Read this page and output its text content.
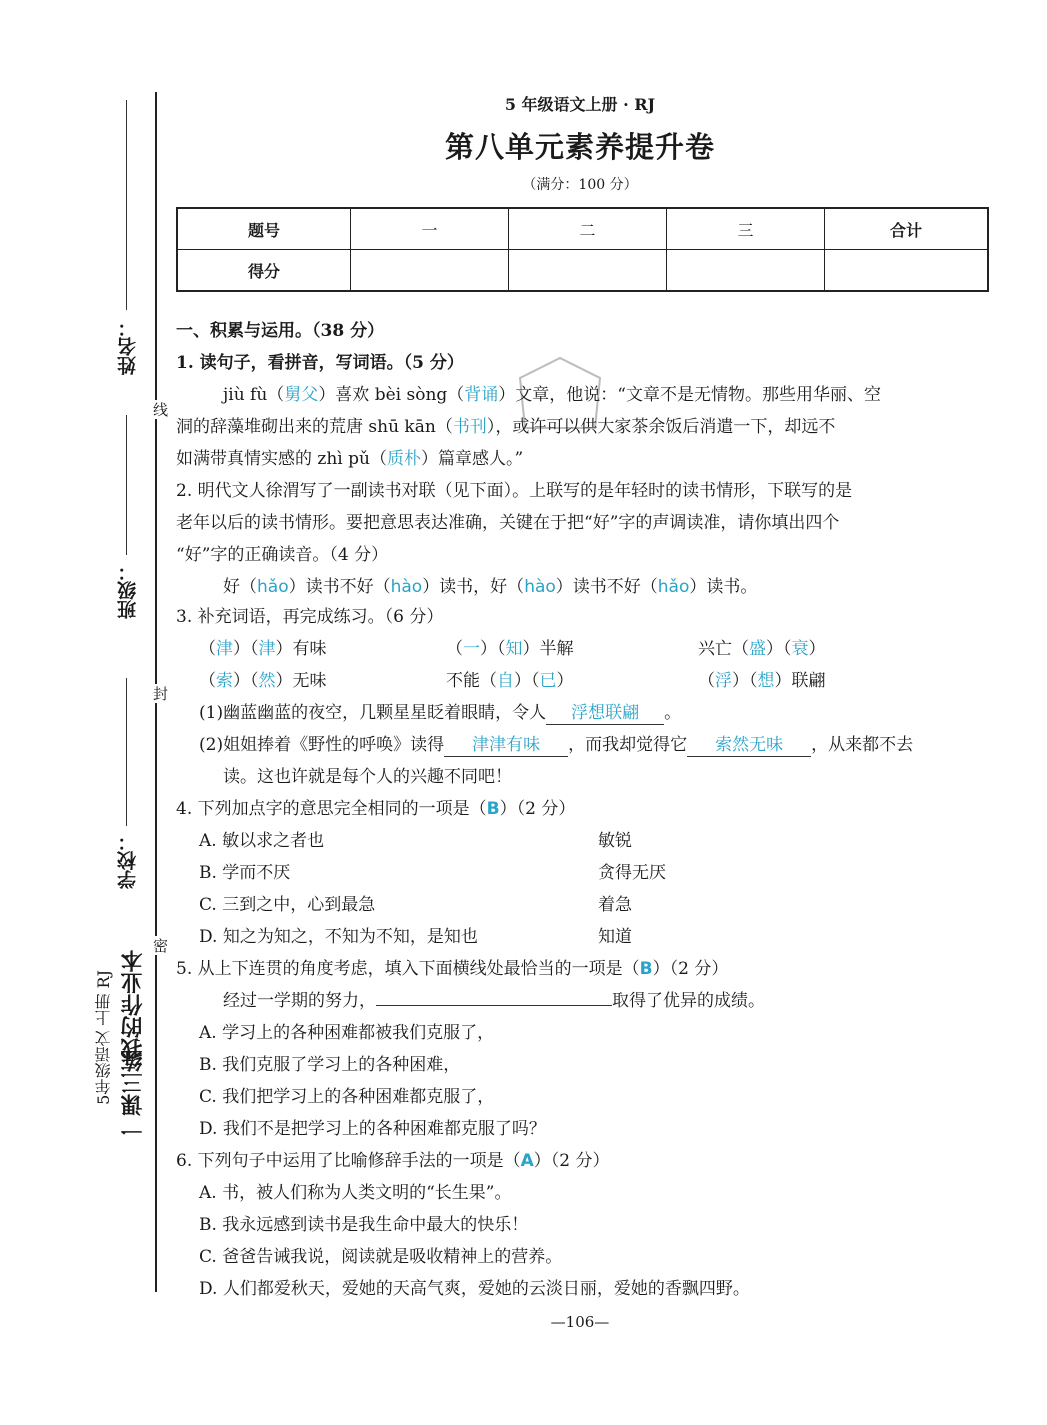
姓名：
线
班级：
封
学校：
密
我的作业本
课三练
一
5年级语文 上册 RJ
5 年级语文上册 · RJ
第八单元素养提升卷
（满分：100 分）
题号	一	二	三	合计
得分				
一、积累与运用。（38 分）
1. 读句子，看拼音，写词语。（5 分）
jiù fù（舅父）喜欢 bèi sòng（背诵）文章，他说：“文章不是无情物。那些用华丽、空
洞的辞藻堆砌出来的荒唐 shū kān（书刊），或许可以供大家茶余饭后消遣一下，却远不
如满带真情实感的 zhì pǔ（质朴）篇章感人。”
2. 明代文人徐渭写了一副读书对联（见下面）。上联写的是年轻时的读书情形，下联写的是
老年以后的读书情形。要把意思表达准确，关键在于把“好”字的声调读准，请你填出四个
“好”字的正确读音。（4 分）
好（hǎo）读书不好（hào）读书，好（hào）读书不好（hǎo）读书。
3. 补充词语，再完成练习。（6 分）
（津）（津）有味	（一）（知）半解	兴亡（盛）（衰）
（索）（然）无味	不能（自）（已）	（浮）（想）联翩
(1)幽蓝幽蓝的夜空，几颗星星眨着眼睛，令人 浮想联翩 。
(2)姐姐捧着《野性的呼唤》读得 津津有味 ，而我却觉得它 索然无味 ，从来都不去
读。这也许就是每个人的兴趣不同吧！
4. 下列加点字的意思完全相同的一项是（B）（2 分）
A. 敏以求之者也	敏锐
B. 学而不厌	贪得无厌
C. 三到之中，心到最急	着急
D. 知之为知之，不知为不知，是知也	知道
5. 从上下连贯的角度考虑，填入下面横线处最恰当的一项是（B）（2 分）
经过一学期的努力，	取得了优异的成绩。
A. 学习上的各种困难都被我们克服了，
B. 我们克服了学习上的各种困难，
C. 我们把学习上的各种困难都克服了，
D. 我们不是把学习上的各种困难都克服了吗？
6. 下列句子中运用了比喻修辞手法的一项是（A）（2 分）
A. 书，被人们称为人类文明的“长生果”。
B. 我永远感到读书是我生命中最大的快乐！
C. 爸爸告诫我说，阅读就是吸收精神上的营养。
D. 人们都爱秋天，爱她的天高气爽，爱她的云淡日丽，爱她的香飘四野。
—106—
